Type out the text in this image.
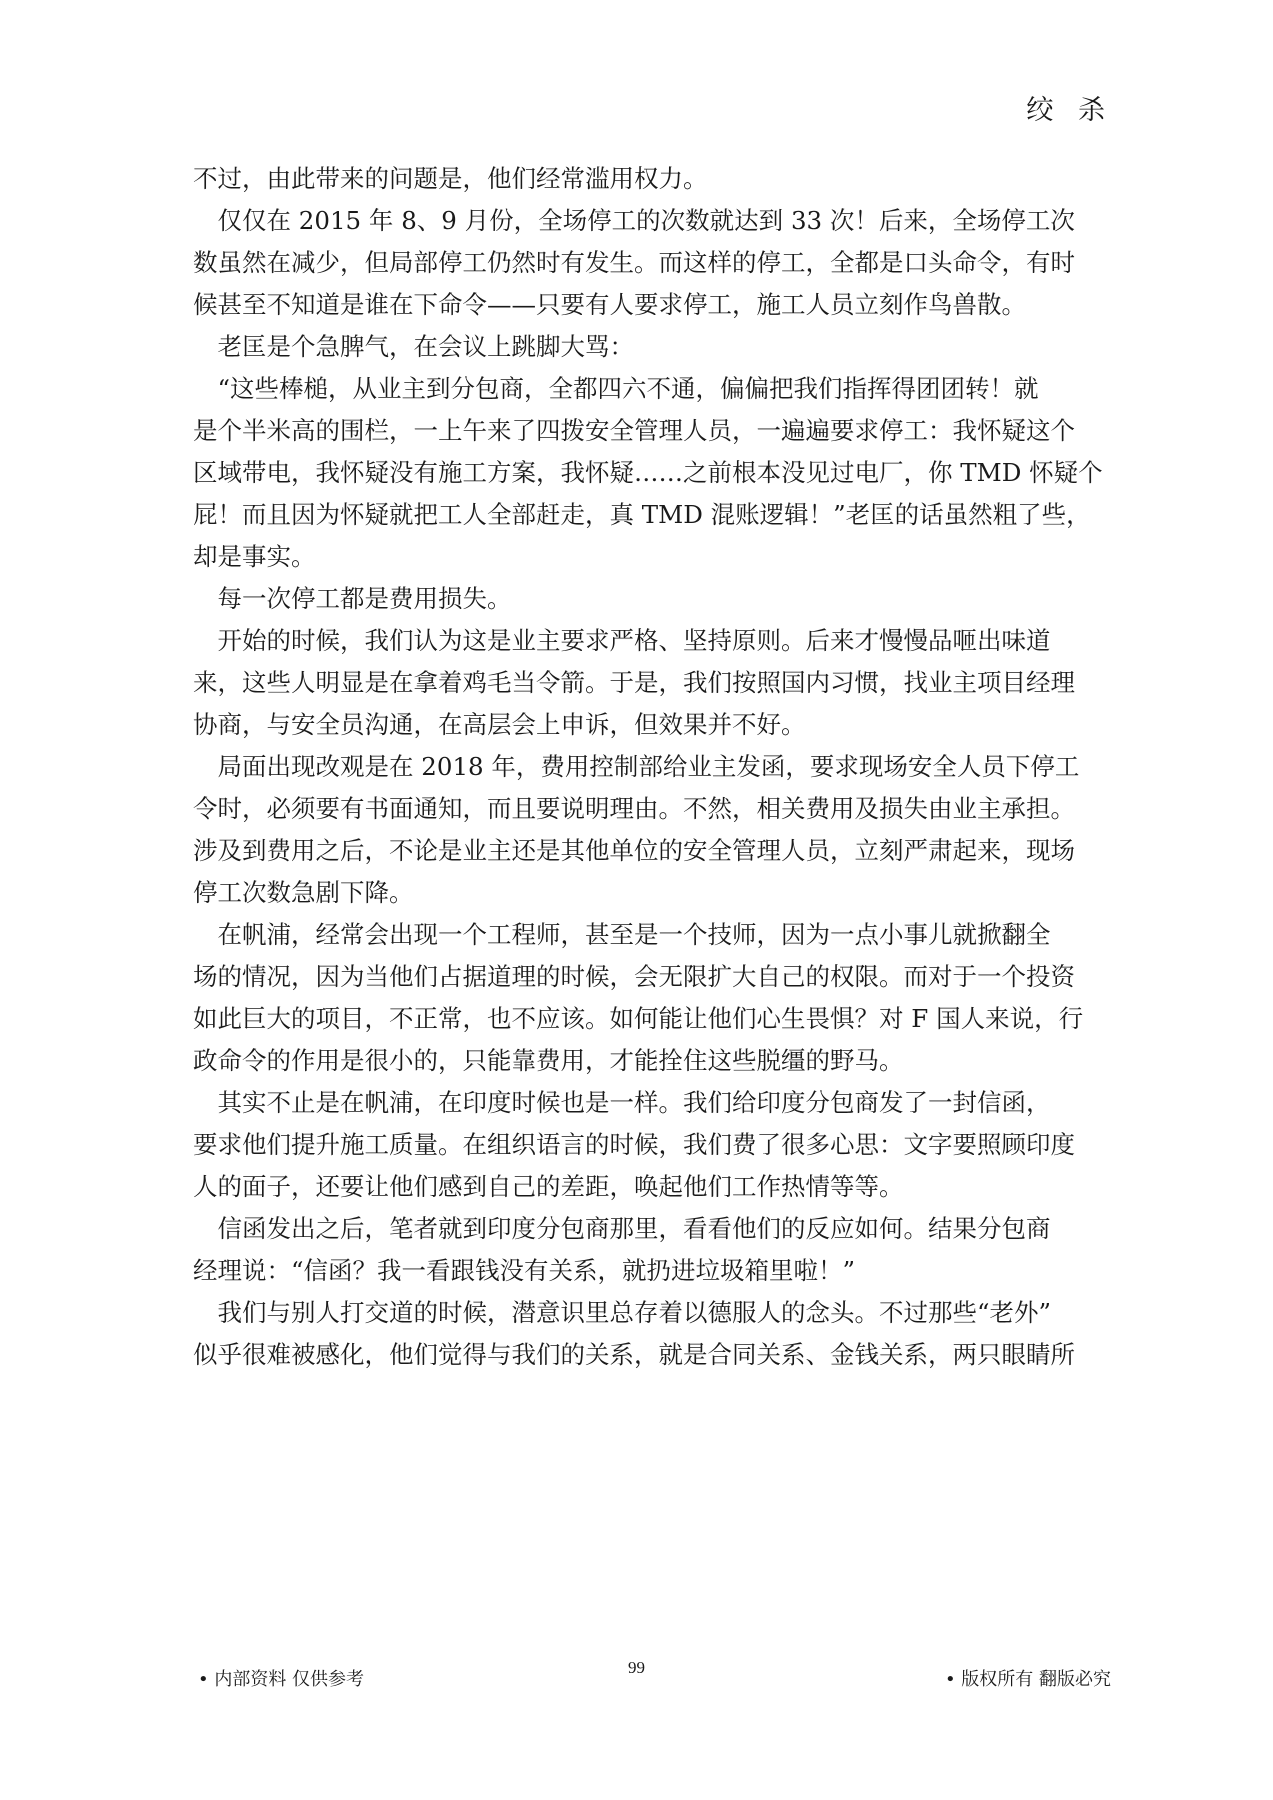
绞 杀

不过，由此带来的问题是，他们经常滥用权力。

　仅仅在 2015 年 8、9 月份，全场停工的次数就达到 33 次！后来，全场停工次

数虽然在减少，但局部停工仍然时有发生。而这样的停工，全都是口头命令，有时

候甚至不知道是谁在下命令——只要有人要求停工，施工人员立刻作鸟兽散。

　老匡是个急脾气，在会议上跳脚大骂：

　“这些棒槌，从业主到分包商，全都四六不通，偏偏把我们指挥得团团转！就

是个半米高的围栏，一上午来了四拨安全管理人员，一遍遍要求停工：我怀疑这个

区域带电，我怀疑没有施工方案，我怀疑……之前根本没见过电厂，你 TMD 怀疑个

屁！而且因为怀疑就把工人全部赶走，真 TMD 混账逻辑！”老匡的话虽然粗了些，

却是事实。

　每一次停工都是费用损失。

　开始的时候，我们认为这是业主要求严格、坚持原则。后来才慢慢品咂出味道

来，这些人明显是在拿着鸡毛当令箭。于是，我们按照国内习惯，找业主项目经理

协商，与安全员沟通，在高层会上申诉，但效果并不好。

　局面出现改观是在 2018 年，费用控制部给业主发函，要求现场安全人员下停工

令时，必须要有书面通知，而且要说明理由。不然，相关费用及损失由业主承担。

涉及到费用之后，不论是业主还是其他单位的安全管理人员，立刻严肃起来，现场

停工次数急剧下降。

　在帆浦，经常会出现一个工程师，甚至是一个技师，因为一点小事儿就掀翻全

场的情况，因为当他们占据道理的时候，会无限扩大自己的权限。而对于一个投资

如此巨大的项目，不正常，也不应该。如何能让他们心生畏惧？对 F 国人来说，行

政命令的作用是很小的，只能靠费用，才能拴住这些脱缰的野马。

　其实不止是在帆浦，在印度时候也是一样。我们给印度分包商发了一封信函，

要求他们提升施工质量。在组织语言的时候，我们费了很多心思：文字要照顾印度

人的面子，还要让他们感到自己的差距，唤起他们工作热情等等。

　信函发出之后，笔者就到印度分包商那里，看看他们的反应如何。结果分包商

经理说：“信函？我一看跟钱没有关系，就扔进垃圾箱里啦！”

　我们与别人打交道的时候，潜意识里总存着以德服人的念头。不过那些“老外”

似乎很难被感化，他们觉得与我们的关系，就是合同关系、金钱关系，两只眼睛所

• 内部资料 仅供参考
99
• 版权所有 翻版必究
